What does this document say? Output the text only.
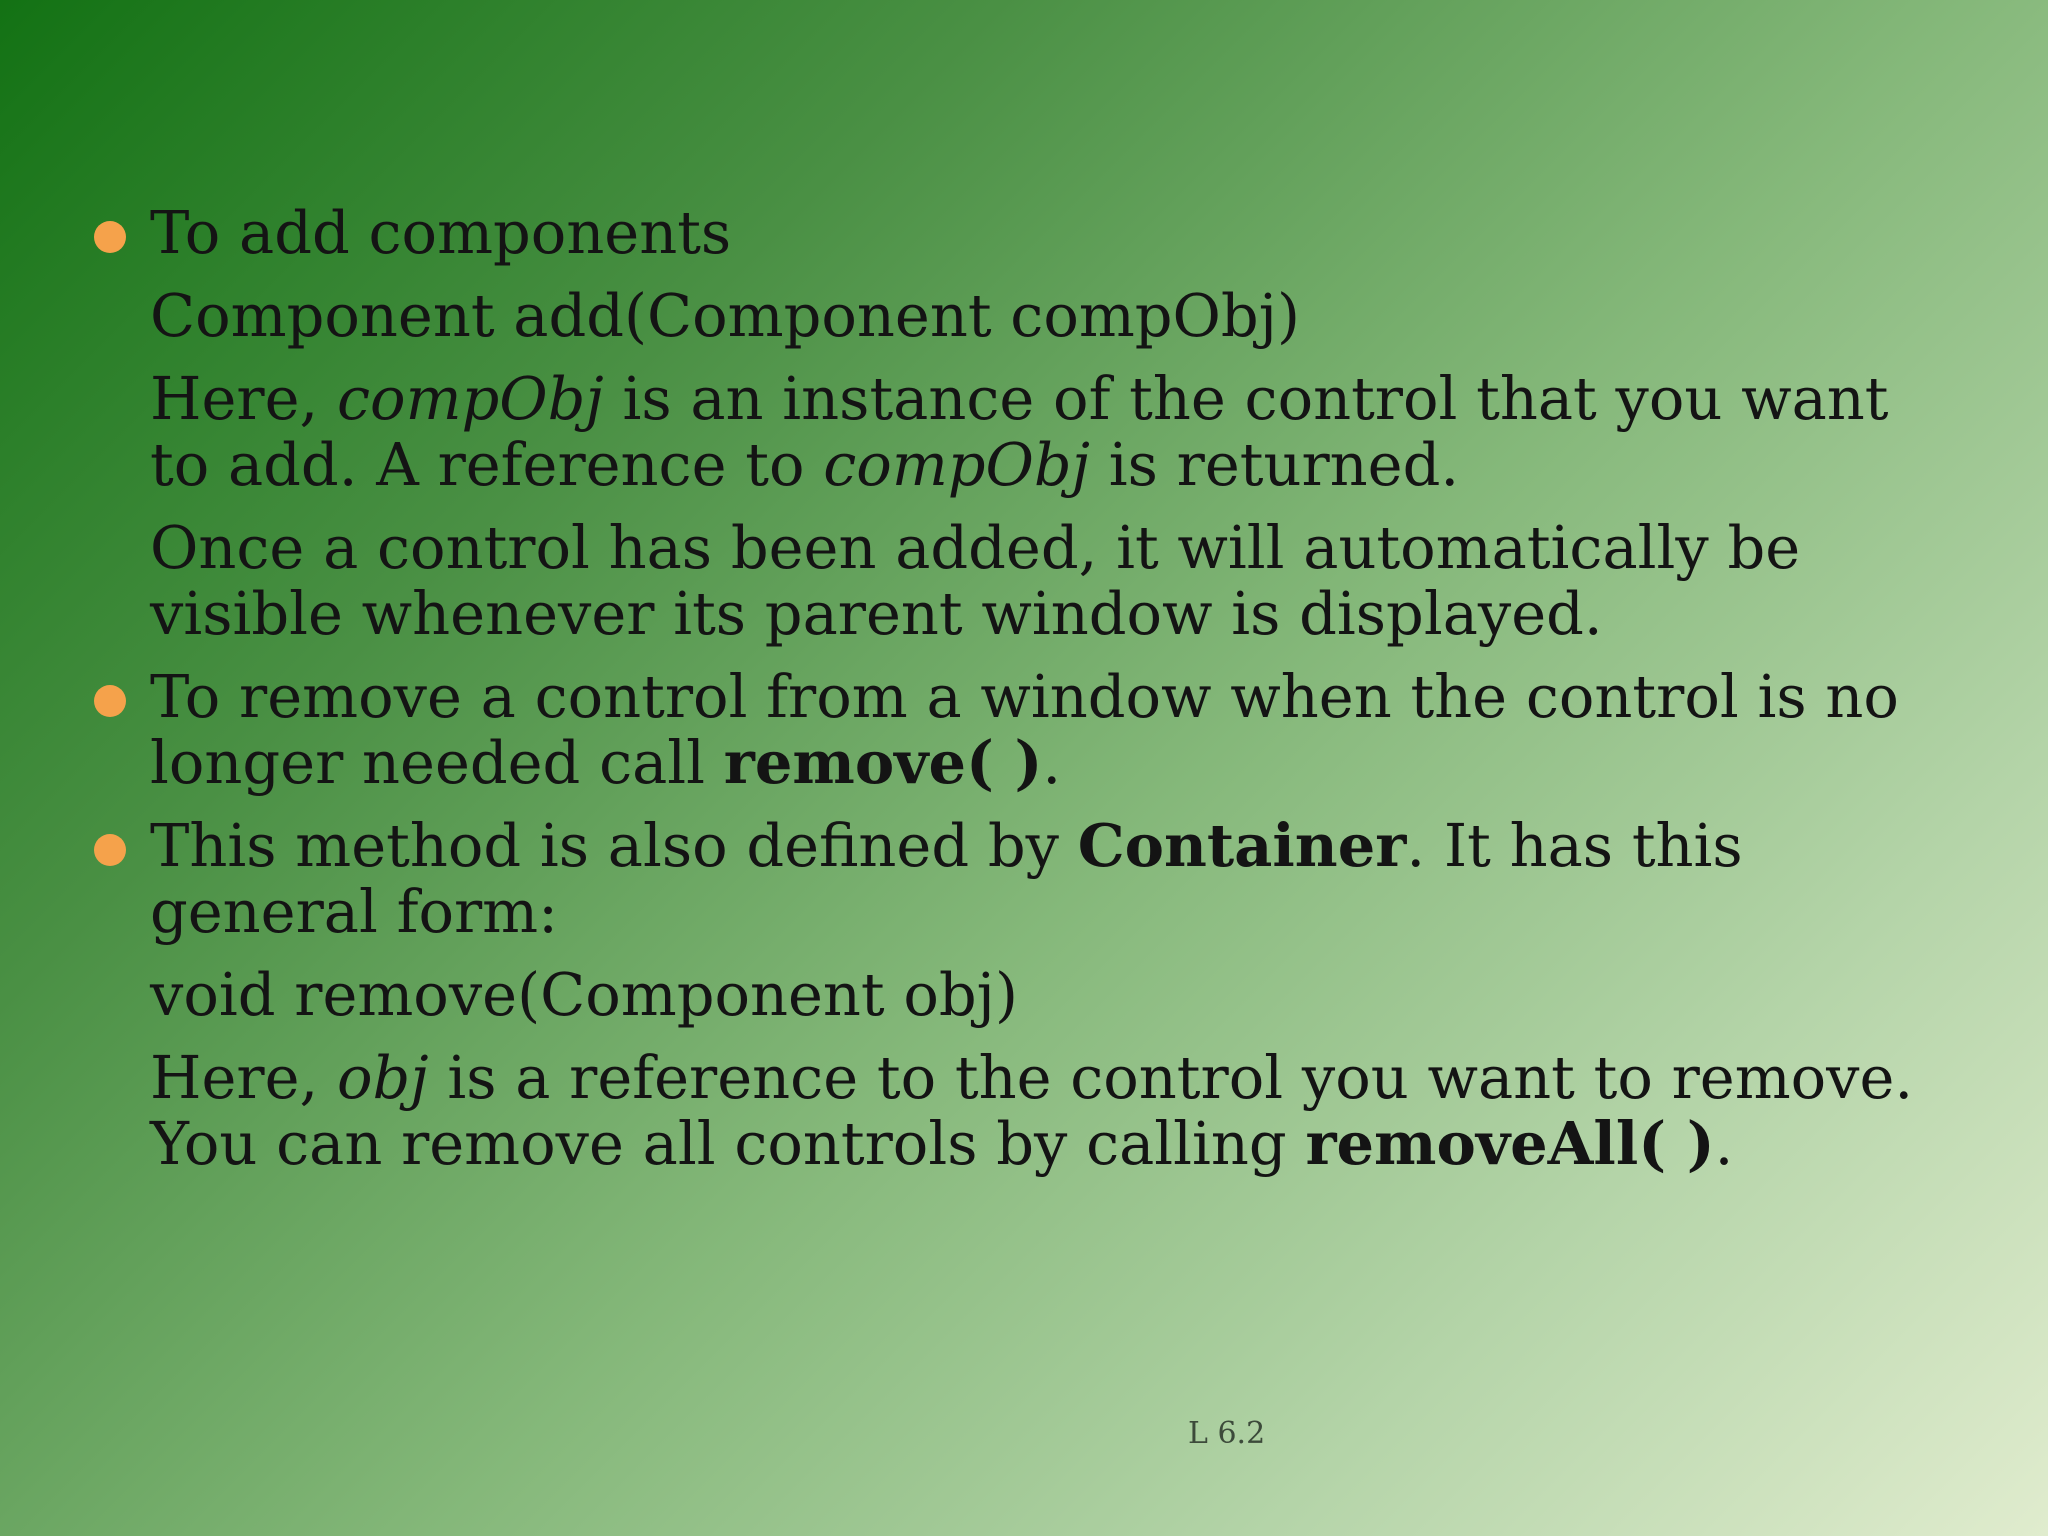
To add components

Component add(Component compObj)

Here, compObj is an instance of the control that you want
to add. A reference to compObj is returned.

Once a control has been added, it will automatically be
visible whenever its parent window is displayed.

To remove a control from a window when the control is no
longer needed call remove( ).

This method is also defined by Container. It has this
general form:

void remove(Component obj)

Here, obj is a reference to the control you want to remove.
You can remove all controls by calling removeAll( ).

L 6.2
